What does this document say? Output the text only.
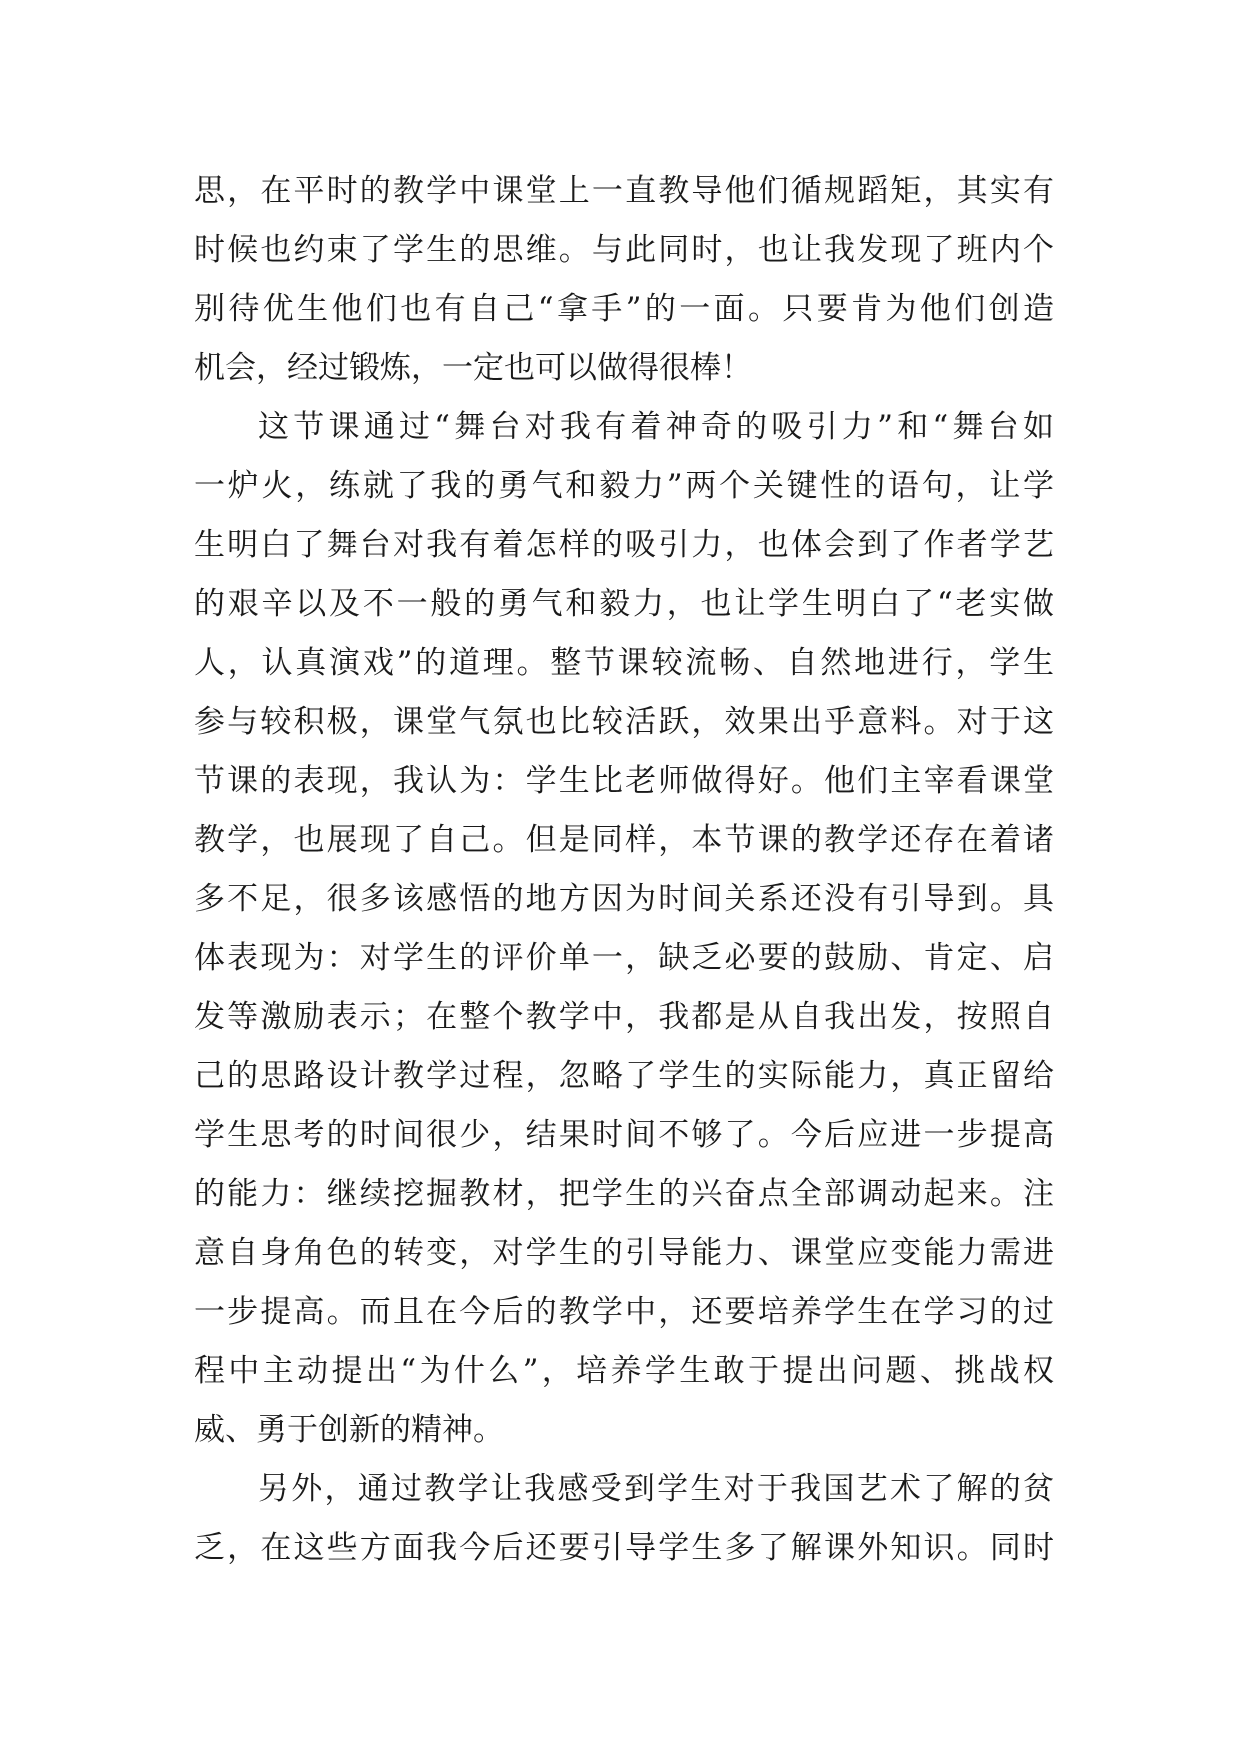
思，在平时的教学中课堂上一直教导他们循规蹈矩，其实有
时候也约束了学生的思维。与此同时，也让我发现了班内个
别待优生他们也有自己“拿手”的一面。只要肯为他们创造
机会，经过锻炼，一定也可以做得很棒！
这节课通过“舞台对我有着神奇的吸引力”和“舞台如
一炉火，练就了我的勇气和毅力”两个关键性的语句，让学
生明白了舞台对我有着怎样的吸引力，也体会到了作者学艺
的艰辛以及不一般的勇气和毅力，也让学生明白了“老实做
人，认真演戏”的道理。整节课较流畅、自然地进行，学生
参与较积极，课堂气氛也比较活跃，效果出乎意料。对于这
节课的表现，我认为：学生比老师做得好。他们主宰看课堂
教学，也展现了自己。但是同样，本节课的教学还存在着诸
多不足，很多该感悟的地方因为时间关系还没有引导到。具
体表现为：对学生的评价单一，缺乏必要的鼓励、肯定、启
发等激励表示；在整个教学中，我都是从自我出发，按照自
己的思路设计教学过程，忽略了学生的实际能力，真正留给
学生思考的时间很少，结果时间不够了。今后应进一步提高
的能力：继续挖掘教材，把学生的兴奋点全部调动起来。注
意自身角色的转变，对学生的引导能力、课堂应变能力需进
一步提高。而且在今后的教学中，还要培养学生在学习的过
程中主动提出“为什么”，培养学生敢于提出问题、挑战权
威、勇于创新的精神。
另外，通过教学让我感受到学生对于我国艺术了解的贫
乏，在这些方面我今后还要引导学生多了解课外知识。同时
